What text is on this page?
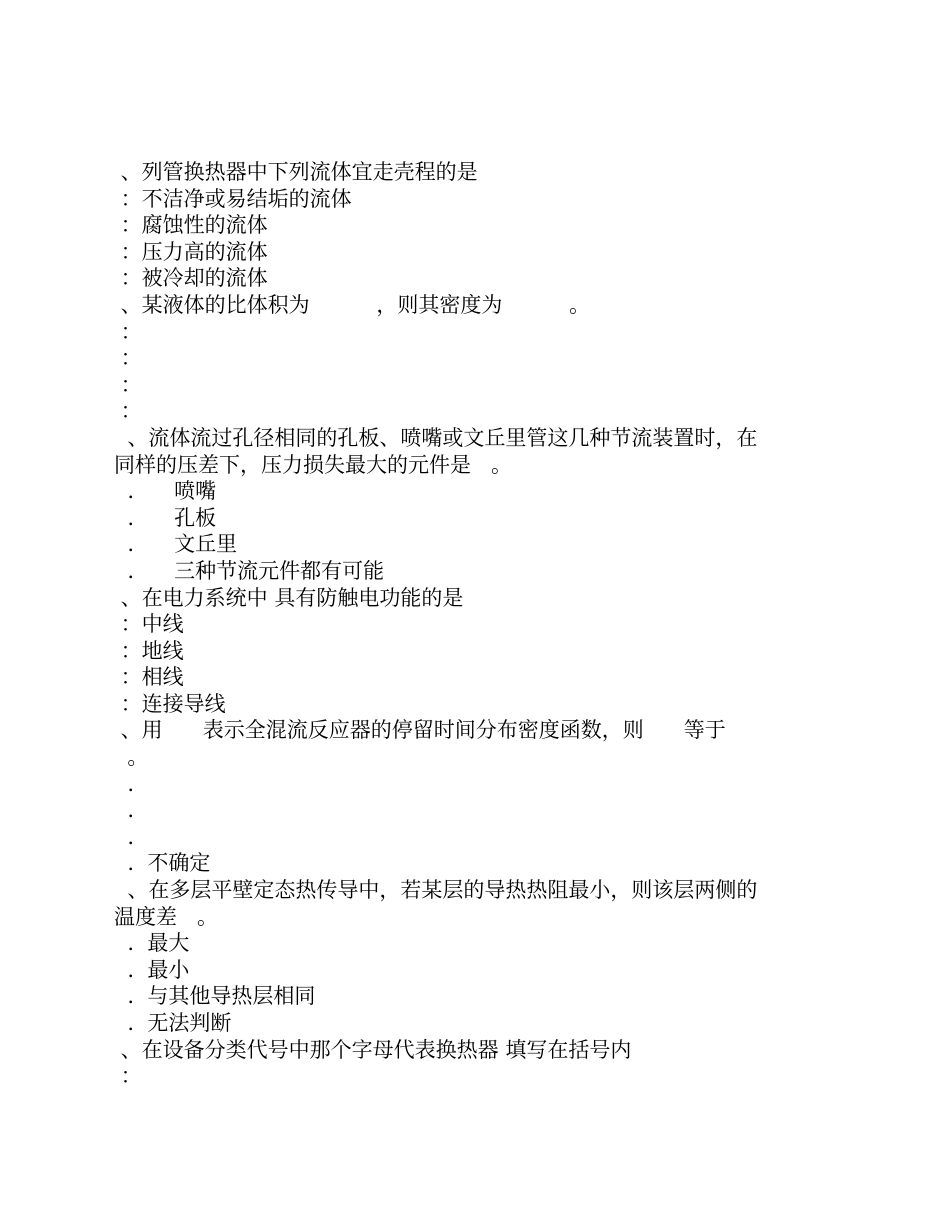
、列管换热器中下列流体宜走壳程的是
：不洁净或易结垢的流体
：腐蚀性的流体
：压力高的流体
：被冷却的流体
、某液体的比体积为          ，则其密度为          。
：
：
：
：
、流体流过孔径相同的孔板、喷嘴或文丘里管这几种节流装置时，在
同样的压差下，压力损失最大的元件是   。
.      喷嘴
.      孔板
.      文丘里
.      三种节流元件都有可能
、在电力系统中 具有防触电功能的是
：中线
：地线
：相线
：连接导线
、用      表示全混流反应器的停留时间分布密度函数，则      等于
。
.
.
.
.  不确定
、在多层平壁定态热传导中，若某层的导热热阻最小，则该层两侧的
温度差   。
.  最大
.  最小
.  与其他导热层相同
.  无法判断
、在设备分类代号中那个字母代表换热器 填写在括号内
：
